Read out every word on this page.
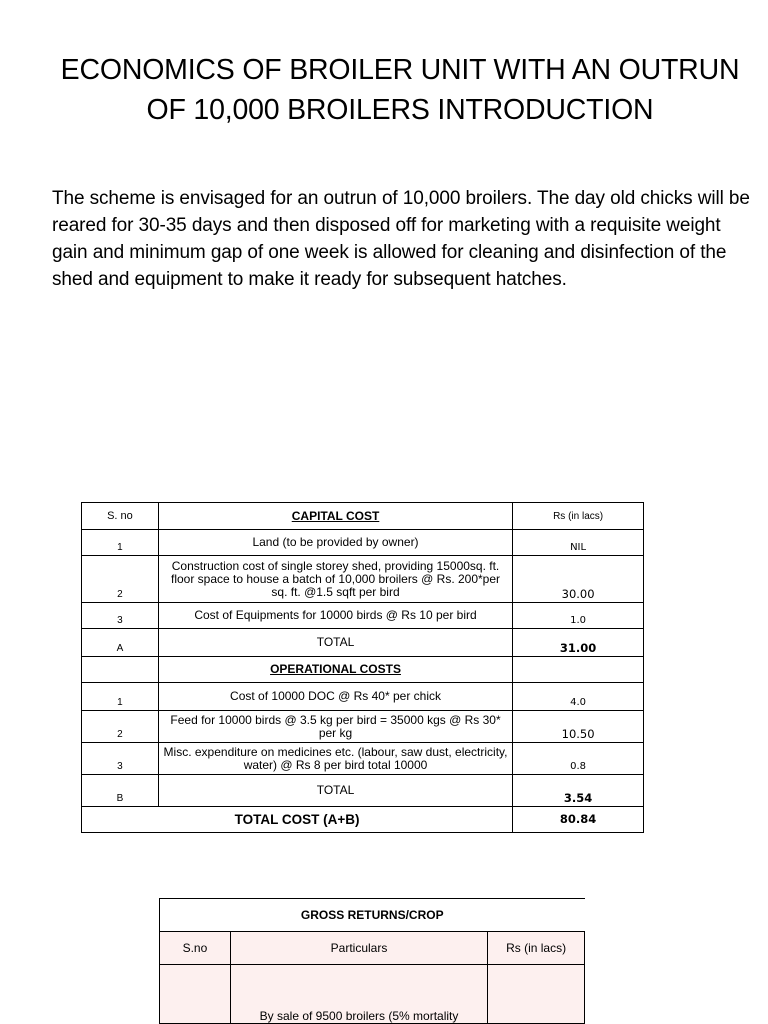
ECONOMICS OF BROILER UNIT WITH AN OUTRUN
OF 10,000 BROILERS INTRODUCTION

The scheme is envisaged for an outrun of 10,000 broilers. The day old chicks will be reared for 30-35 days and then disposed off for marketing with a requisite weight gain and minimum gap of one week is allowed for cleaning and disinfection of the shed and equipment to make it ready for subsequent hatches.

S. no	CAPITAL COST	Rs (in lacs)
1	Land (to be provided by owner)	NIL
2	Construction cost of single storey shed, providing 15000sq. ft. floor space to house a batch of 10,000 broilers @ Rs. 200*per sq. ft. @1.5 sqft per bird	30.00
3	Cost of Equipments for 10000 birds @ Rs 10 per bird	1.0
A	TOTAL	31.00
	OPERATIONAL COSTS	
1	Cost of 10000 DOC @ Rs 40* per chick	4.0
2	Feed for 10000 birds @ 3.5 kg per bird = 35000 kgs @ Rs 30* per kg	10.50
3	Misc. expenditure on medicines etc. (labour, saw dust, electricity, water) @ Rs 8 per bird total 10000	0.8
B	TOTAL	3.54
TOTAL COST (A+B)		80.84
GROSS RETURNS/CROP		
S.no	Particulars	Rs (in lacs)
	By sale of 9500 broilers (5% mortality	
